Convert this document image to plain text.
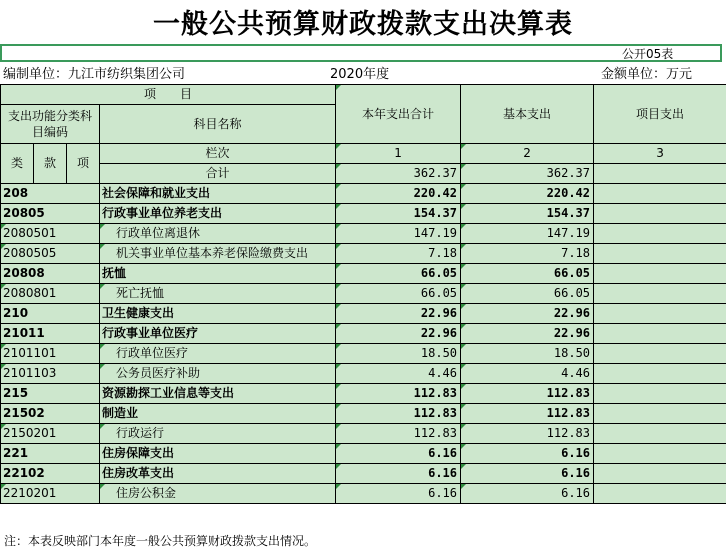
一般公共预算财政拨款支出决算表
公开05表
编制单位：九江市纺织集团公司	2020年度	金额单位：万元
项　　目				本年支出合计	基本支出	项目支出
支出功能分类科目编码			科目名称			

类	款	项	栏次	1	2	3
			合计	362.37	362.37	
208			社会保障和就业支出	220.42	220.42	
20805			行政事业单位养老支出	154.37	154.37	
2080501			行政单位离退休	147.19	147.19	
2080505			机关事业单位基本养老保险缴费支出	7.18	7.18	
20808			抚恤	66.05	66.05	
2080801			死亡抚恤	66.05	66.05	
210			卫生健康支出	22.96	22.96	
21011			行政事业单位医疗	22.96	22.96	
2101101			行政单位医疗	18.50	18.50	
2101103			公务员医疗补助	4.46	4.46	
215			资源勘探工业信息等支出	112.83	112.83	
21502			制造业	112.83	112.83	
2150201			行政运行	112.83	112.83	
221			住房保障支出	6.16	6.16	
22102			住房改革支出	6.16	6.16	
2210201			住房公积金	6.16	6.16	
注：本表反映部门本年度一般公共预算财政拨款支出情况。
